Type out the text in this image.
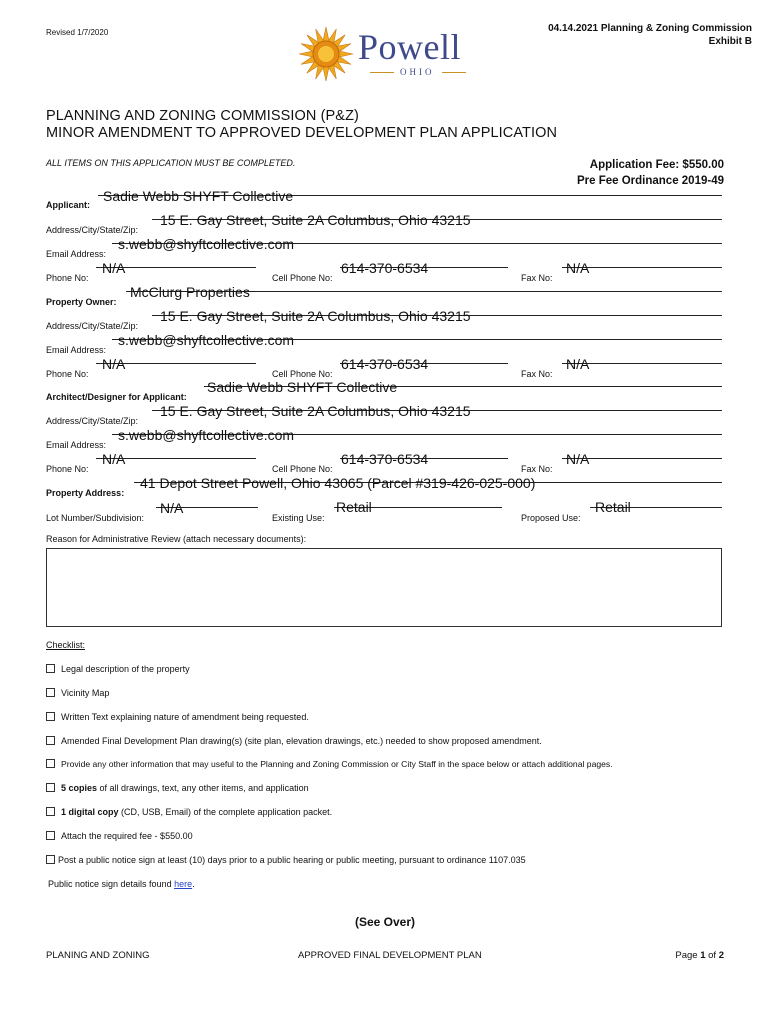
Revised 1/7/2020	Powell
OHIO
04.14.2021 Planning & Zoning Commission
Exhibit B
PLANNING AND ZONING COMMISSION (P&Z)
MINOR AMENDMENT TO APPROVED DEVELOPMENT PLAN APPLICATION
ALL ITEMS ON THIS APPLICATION MUST BE COMPLETED.	Application Fee: $550.00
Pre Fee Ordinance 2019-49
Applicant:
Sadie Webb SHYFT Collective
Address/City/State/Zip:
15 E. Gay Street, Suite 2A Columbus, Ohio 43215
Email Address:
s.webb@shyftcollective.com
Phone No:
N/A
Cell Phone No:
614-370-6534
Fax No:
N/A
Property Owner:
McClurg Properties
Address/City/State/Zip:
15 E. Gay Street, Suite 2A Columbus, Ohio 43215
Email Address:
s.webb@shyftcollective.com
Phone No:
N/A
Cell Phone No:
614-370-6534
Fax No:
N/A
Architect/Designer for Applicant:
Sadie Webb SHYFT Collective
Address/City/State/Zip:
15 E. Gay Street, Suite 2A Columbus, Ohio 43215
Email Address:
s.webb@shyftcollective.com
Phone No:
N/A
Cell Phone No:
614-370-6534
Fax No:
N/A
Property Address:
41 Depot Street Powell, Ohio 43065 (Parcel #319-426-025-000)
Lot Number/Subdivision:
N/A
Existing Use:
Retail
Proposed Use:
Retail
Reason for Administrative Review (attach necessary documents):
Checklist:
Legal description of the property
Vicinity Map
Written Text explaining nature of amendment being requested.
Amended Final Development Plan drawing(s) (site plan, elevation drawings, etc.) needed to show proposed amendment.
Provide any other information that may useful to the Planning and Zoning Commission or City Staff in the space below or attach additional pages.
5 copies of all drawings, text, any other items, and application
1 digital copy (CD, USB, Email) of the complete application packet.
Attach the required fee - $550.00
Post a public notice sign at least (10) days prior to a public hearing or public meeting, pursuant to ordinance 1107.035
Public notice sign details found here.
(See Over)
PLANING AND ZONING	APPROVED FINAL DEVELOPMENT PLAN	Page 1 of 2
